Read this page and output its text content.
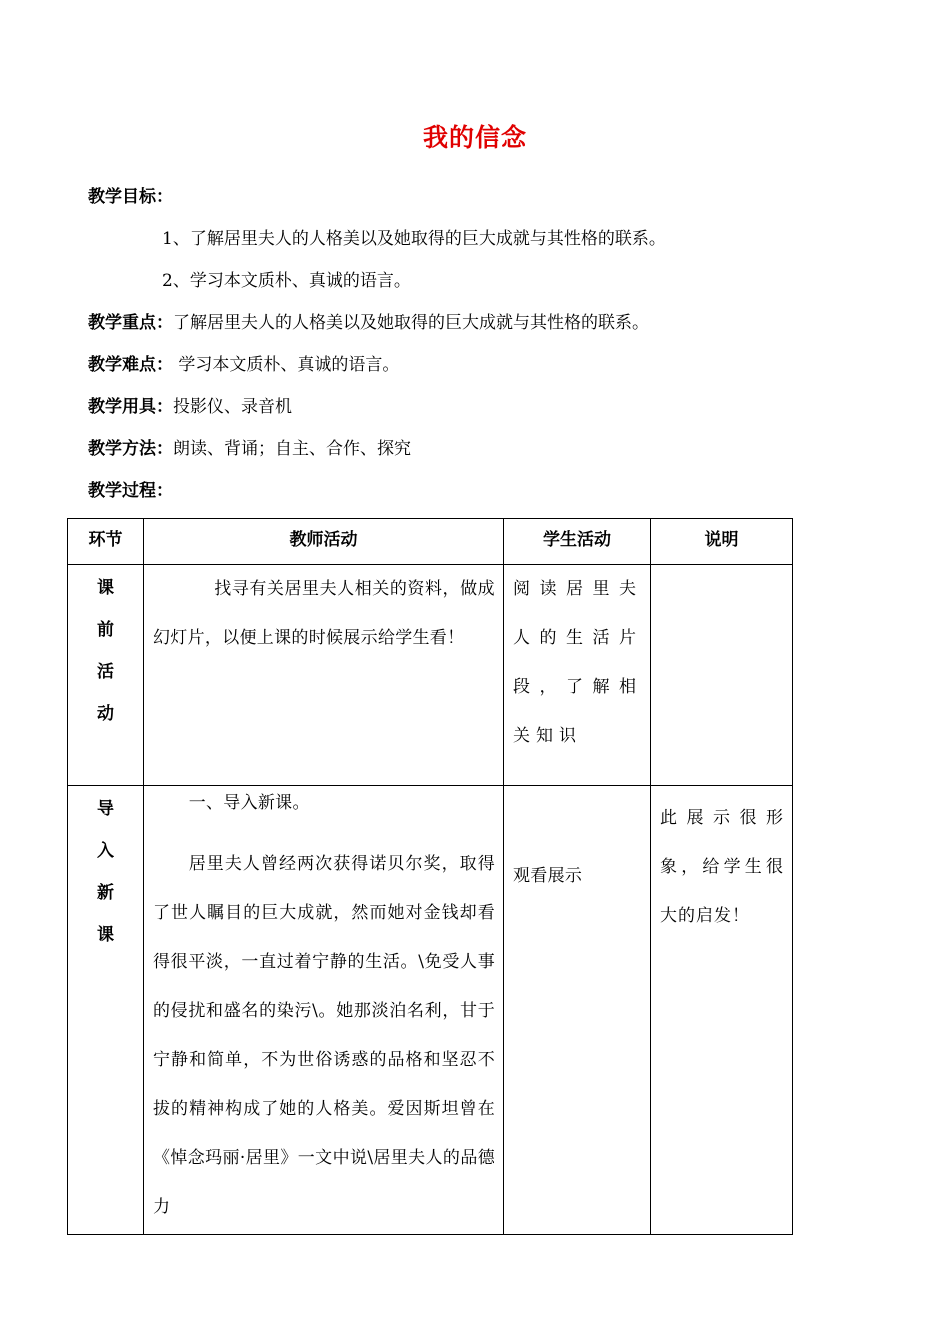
我的信念
教学目标：
1、了解居里夫人的人格美以及她取得的巨大成就与其性格的联系。
2、学习本文质朴、真诚的语言。
教学重点：了解居里夫人的人格美以及她取得的巨大成就与其性格的联系。
教学难点： 学习本文质朴、真诚的语言。
教学用具：投影仪、录音机
教学方法：朗读、背诵；自主、合作、探究
教学过程：
环节	教师活动	学生活动	说明
课前活动	找寻有关居里夫人相关的资料，做成幻灯片，以便上课的时候展示给学生看！	阅读居里夫人的生活片段，了解相关知识	

导入新课	一、导入新课。
居里夫人曾经两次获得诺贝尔奖，取得了世人瞩目的巨大成就，然而她对金钱却看得很平淡，一直过着宁静的生活。\免受人事的侵扰和盛名的染污\。她那淡泊名利，甘于宁静和简单，不为世俗诱惑的品格和坚忍不拔的精神构成了她的人格美。爱因斯坦曾在《悼念玛丽·居里》一文中说\居里夫人的品德力	观看展示	此展示很形象，给学生很大的启发！
